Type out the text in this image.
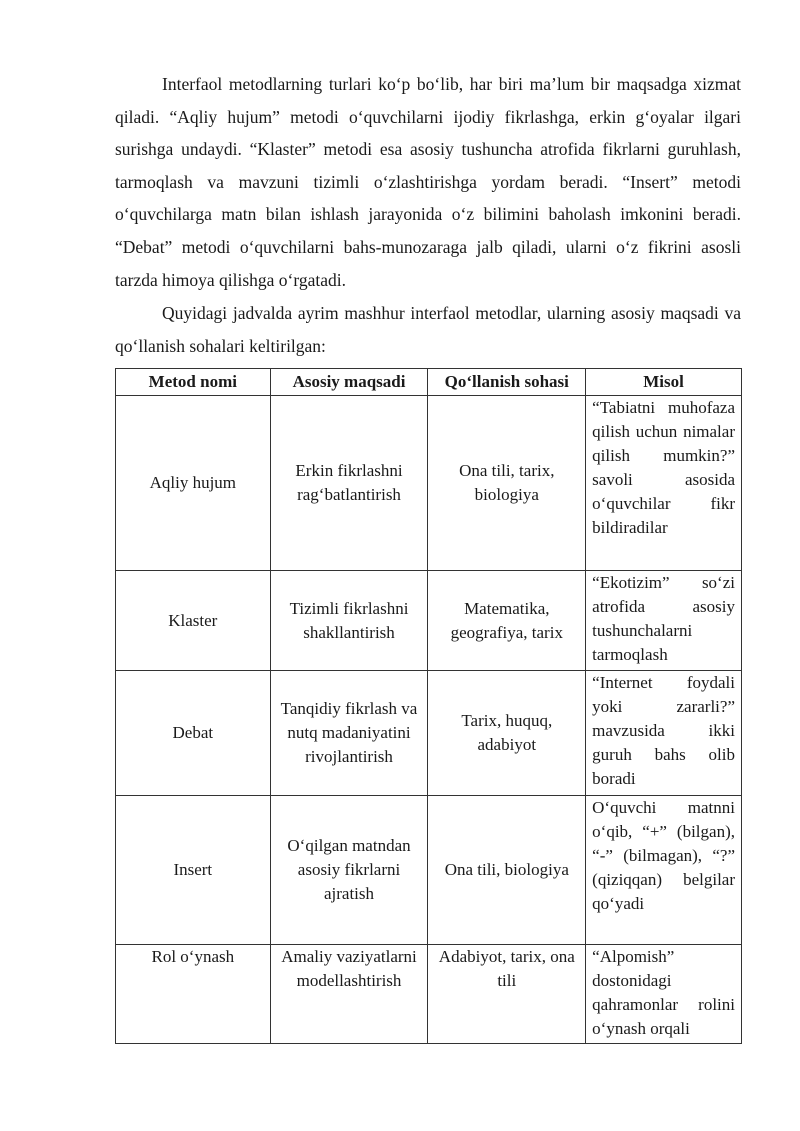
Interfaol metodlarning turlari ko‘p bo‘lib, har biri ma’lum bir maqsadga xizmat qiladi. “Aqliy hujum” metodi o‘quvchilarni ijodiy fikrlashga, erkin g‘oyalar ilgari surishga undaydi. “Klaster” metodi esa asosiy tushuncha atrofida fikrlarni guruhlash, tarmoqlash va mavzuni tizimli o‘zlashtirishga yordam beradi. “Insert” metodi o‘quvchilarga matn bilan ishlash jarayonida o‘z bilimini baholash imkonini beradi. “Debat” metodi o‘quvchilarni bahs-munozaraga jalb qiladi, ularni o‘z fikrini asosli tarzda himoya qilishga o‘rgatadi.

Quyidagi jadvalda ayrim mashhur interfaol metodlar, ularning asosiy maqsadi va qo‘llanish sohalari keltirilgan:

Metod nomi	Asosiy maqsadi	Qo‘llanish sohasi	Misol
Aqliy hujum	Erkin fikrlashni rag‘batlantirish	Ona tili, tarix, biologiya	“Tabiatni muhofaza qilish uchun nimalar qilish mumkin?” savoli asosida o‘quvchilar fikr bildiradilar
Klaster	Tizimli fikrlashni shakllantirish	Matematika, geografiya, tarix	“Ekotizim” so‘zi atrofida asosiy tushunchalarni tarmoqlash
Debat	Tanqidiy fikrlash va nutq madaniyatini rivojlantirish	Tarix, huquq, adabiyot	“Internet foydali yoki zararli?” mavzusida ikki guruh bahs olib boradi
Insert	O‘qilgan matndan asosiy fikrlarni ajratish	Ona tili, biologiya	O‘quvchi matnni o‘qib, “+” (bilgan), “-” (bilmagan), “?” (qiziqqan) belgilar qo‘yadi
Rol o‘ynash	Amaliy vaziyatlarni modellashtirish	Adabiyot, tarix, ona tili	“Alpomish” dostonidagi qahramonlar rolini o‘ynash orqali
